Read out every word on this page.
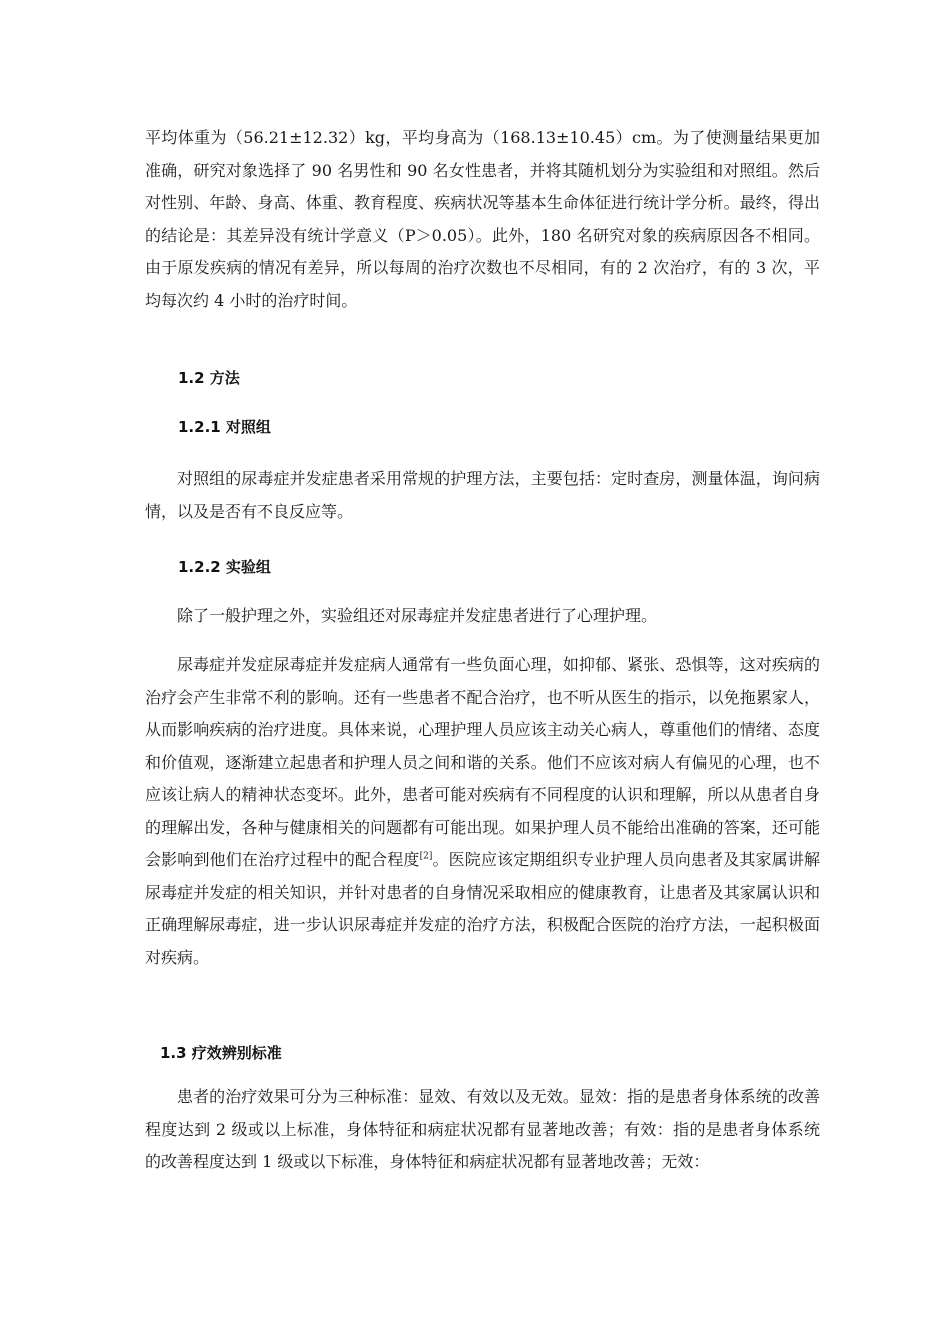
平均体重为（56.21±12.32）kg，平均身高为（168.13±10.45）cm。为了使测量结果更加准确，研究对象选择了 90 名男性和 90 名女性患者，并将其随机划分为实验组和对照组。然后对性别、年龄、身高、体重、教育程度、疾病状况等基本生命体征进行统计学分析。最终，得出的结论是：其差异没有统计学意义（P＞0.05）。此外，180 名研究对象的疾病原因各不相同。由于原发疾病的情况有差异，所以每周的治疗次数也不尽相同，有的 2 次治疗，有的 3 次，平均每次约 4 小时的治疗时间。

1.2 方法
1.2.1 对照组

对照组的尿毒症并发症患者采用常规的护理方法，主要包括：定时查房，测量体温，询问病情，以及是否有不良反应等。

1.2.2 实验组

除了一般护理之外，实验组还对尿毒症并发症患者进行了心理护理。

尿毒症并发症尿毒症并发症病人通常有一些负面心理，如抑郁、紧张、恐惧等，这对疾病的治疗会产生非常不利的影响。还有一些患者不配合治疗，也不听从医生的指示，以免拖累家人，从而影响疾病的治疗进度。具体来说，心理护理人员应该主动关心病人，尊重他们的情绪、态度和价值观，逐渐建立起患者和护理人员之间和谐的关系。他们不应该对病人有偏见的心理，也不应该让病人的精神状态变坏。此外，患者可能对疾病有不同程度的认识和理解，所以从患者自身的理解出发，各种与健康相关的问题都有可能出现。如果护理人员不能给出准确的答案，还可能会影响到他们在治疗过程中的配合程度[2]。医院应该定期组织专业护理人员向患者及其家属讲解尿毒症并发症的相关知识，并针对患者的自身情况采取相应的健康教育，让患者及其家属认识和正确理解尿毒症，进一步认识尿毒症并发症的治疗方法，积极配合医院的治疗方法，一起积极面对疾病。

1.3 疗效辨别标准

患者的治疗效果可分为三种标准：显效、有效以及无效。显效：指的是患者身体系统的改善程度达到 2 级或以上标准，身体特征和病症状况都有显著地改善；有效：指的是患者身体系统的改善程度达到 1 级或以下标准，身体特征和病症状况都有显著地改善；无效：
